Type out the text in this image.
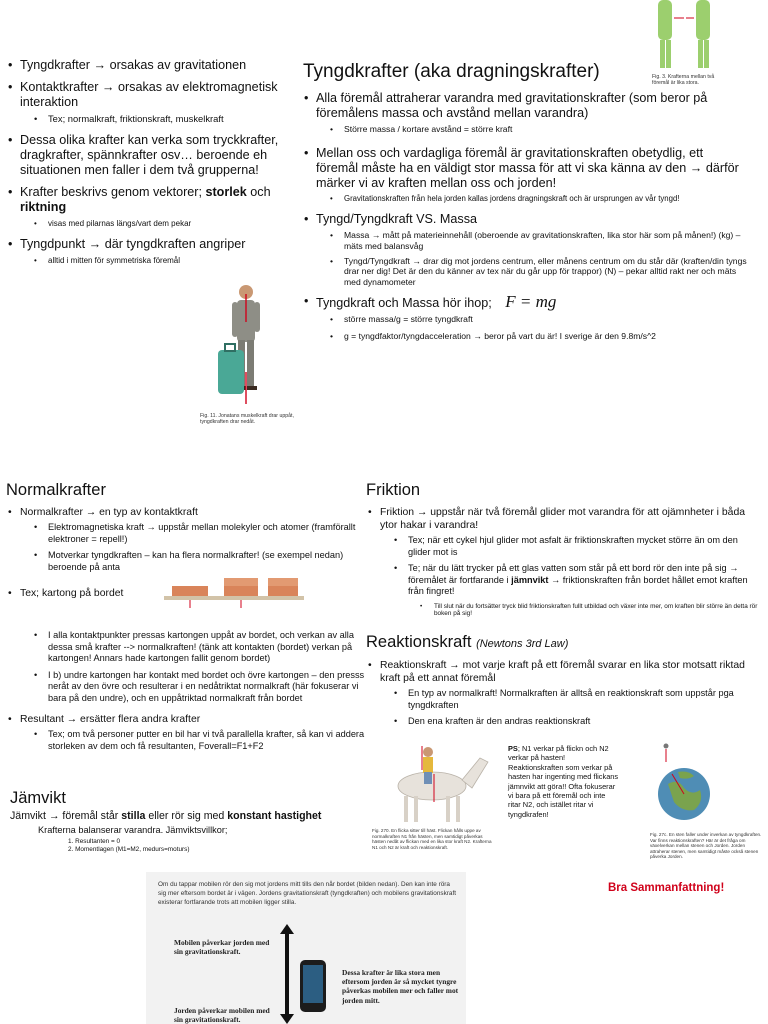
• Tyngdkrafter → orsakas av gravitationen
• Kontaktkrafter → orsakas av elektromagnetisk interaktion
• Tex; normalkraft, friktionskraft, muskelkraft
• Dessa olika krafter kan verka som tryckkrafter, dragkrafter, spännkrafter osv… beroende eh situationen men faller i dem två grupperna!
• Krafter beskrivs genom vektorer; storlek och riktning
• visas med pilarnas längs/vart dem pekar
• Tyngdpunkt → där tyngdkraften angriper
• alltid i mitten för symmetriska föremål
Fig. 11. Jonatans muskelkraft drar uppåt, tyngdkraften drar nedåt.
Fig. 3. Krafterna mellan två föremål är lika stora.
Tyngdkrafter (aka dragningskrafter)
• Alla föremål attraherar varandra med gravitationskrafter (som beror på föremålens massa och avstånd mellan varandra)
• Större massa / kortare avstånd = större kraft
• Mellan oss och vardagliga föremål är gravitationskraften obetydlig, ett föremål måste ha en väldigt stor massa för att vi ska känna av den → därför märker vi av kraften mellan oss och jorden!
• Gravitationskraften från hela jorden kallas jordens dragningskraft och är ursprungen av vår tyngd!
• Tyngd/Tyngdkraft VS. Massa
• Massa → mått på materieinnehåll (oberoende av gravitationskraften, lika stor här som på månen!) (kg) – mäts med balansvåg
• Tyngd/Tyngdkraft → drar dig mot jordens centrum, eller månens centrum om du står där (kraften/din tyngs drar ner dig! Det är den du känner av tex när du går upp för trappor) (N) – pekar alltid rakt ner och mäts med dynamometer
• Tyngdkraft och Massa hör ihop; F = mg
• större massa/g = större tyngdkraft
• g = tyngdfaktor/tyngdacceleration → beror på vart du är! I sverige är den 9.8m/s^2
Normalkrafter
• Normalkrafter → en typ av kontaktkraft
• Elektromagnetiska kraft → uppstår mellan molekyler och atomer (framförallt elektroner = repell!)
• Motverkar tyngdkraften – kan ha flera normalkrafter! (se exempel nedan) beroende på anta
• Tex; kartong på bordet
• I alla kontaktpunkter pressas kartongen uppåt av bordet, och verkan av alla dessa små krafter --> normalkraften! (tänk att kontakten (bordet) verkan på kartongen! Annars hade kartongen fallit genom bordet)
• I b) undre kartongen har kontakt med bordet och övre kartongen – den presss neråt av den övre och resulterar i en nedåtriktat normalkraft (här fokuserar vi bara på den undre), och en uppåtriktad normalkraft från bordet
• Resultant → ersätter flera andra krafter
• Tex; om två personer putter en bil har vi två parallella krafter, så kan vi addera storleken av dem och få resultanten, Foverall=F1+F2
Jämvikt
Jämvikt → föremål står stilla eller rör sig med konstant hastighet
Krafterna balanserar varandra. Jämviktsvillkor;
1. Resultanten = 0
2. Momentlagen (M1=M2, medurs=moturs)
Friktion
• Friktion → uppstår när två föremål glider mot varandra för att ojämnheter i båda ytor hakar i varandra!
• Tex; när ett cykel hjul glider mot asfalt är friktionskraften mycket större än om den glider mot is
• Te; när du lätt trycker på ett glas vatten som står på ett bord rör den inte på sig → föremålet är fortfarande i jämnvikt → friktionskraften från bordet hållet emot kraften från fingret!
• Till slut när du fortsätter tryck blid friktionskraften fullt utbildad och växer inte mer, om kraften blir större än detta rör boken på sig!
Reaktionskraft (Newtons 3rd Law)
• Reaktionskraft → mot varje kraft på ett föremål svarar en lika stor motsatt riktad kraft på ett annat föremål
• En typ av normalkraft! Normalkraften är alltså en reaktionskraft som uppstår pga tyngdkraften
• Den ena kraften är den andras reaktionskraft
Fig. 270. En flicka sitter till häst. Flickan hålls uppe av normalkraften N1 från hästen, men samtidigt påverkas hästen nedåt av flickan med en lika stor kraft N2. Krafterna N1 och N2 är kraft och reaktionskraft.
PS; N1 verkar på flickn och N2 verkar på hasten! Reaktionskraften som verkar på hasten har ingenting med flickans jämnvikt att göra!! Ofta fokuserar vi bara på ett föremål och inte ritar N2, och istället ritar vi tyngdkrafen!
Fig. 27c. En sten faller under inverkan av tyngdkraften. Var finns reaktionskraften? Här är det fråga om växelverkan mellan stenen och Jorden. Jorden attraherar stenen, men samtidigt måste också stenen påverka Jorden.
Om du tappar mobilen rör den sig mot jordens mitt tills den når bordet (bilden nedan). Den kan inte röra sig mer eftersom bordet är i vägen. Jordens gravitationskraft (tyngdkraften) och mobilens gravitationskraft existerar fortfarande trots att mobilen ligger stilla.
Mobilen påverkar jorden med sin gravitationskraft.
Jorden påverkar mobilen med sin gravitationskraft.
Dessa krafter är lika stora men eftersom jorden är så mycket tyngre påverkas mobilen mer och faller mot jorden mitt.
Bra Sammanfattning!
